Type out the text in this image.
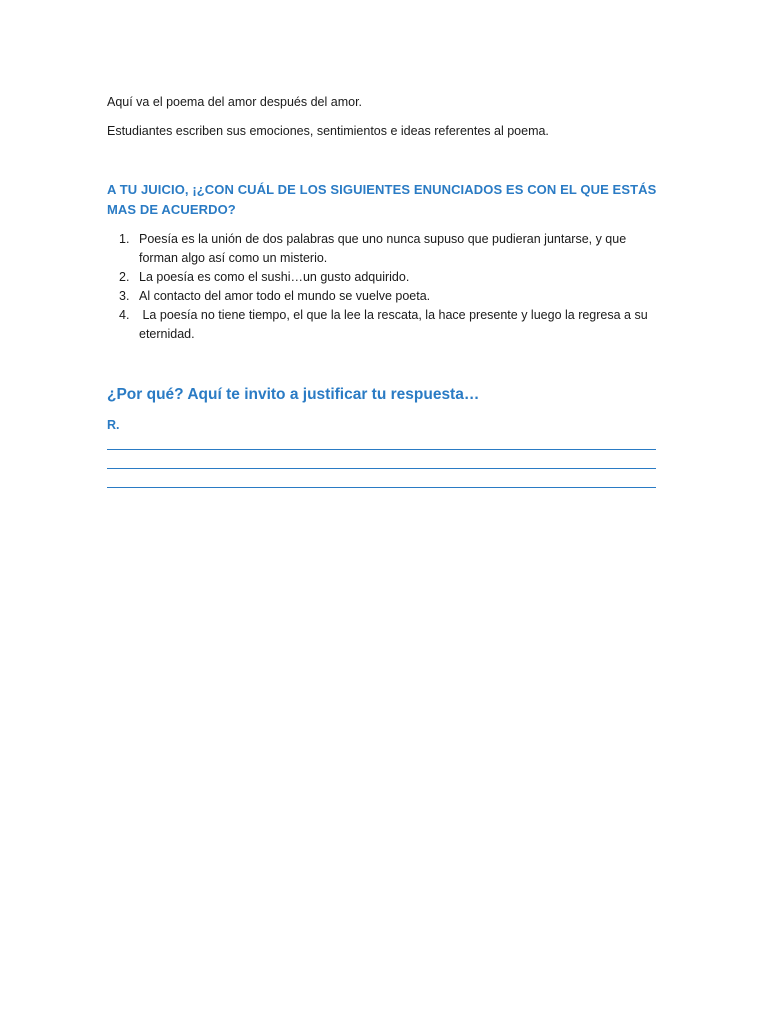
Aquí va el poema del amor después del amor.
Estudiantes escriben sus emociones, sentimientos e ideas referentes al poema.
A TU JUICIO, ¡¿CON CUÁL DE LOS SIGUIENTES ENUNCIADOS ES CON EL QUE ESTÁS MAS DE ACUERDO?
1. Poesía es la unión de dos palabras que uno nunca supuso que pudieran juntarse, y que forman algo así como un misterio.
2. La poesía es como el sushi…un gusto adquirido.
3. Al contacto del amor todo el mundo se vuelve poeta.
4. La poesía no tiene tiempo, el que la lee la rescata, la hace presente y luego la regresa a su eternidad.
¿Por qué? Aquí te invito a justificar tu respuesta…
R.
